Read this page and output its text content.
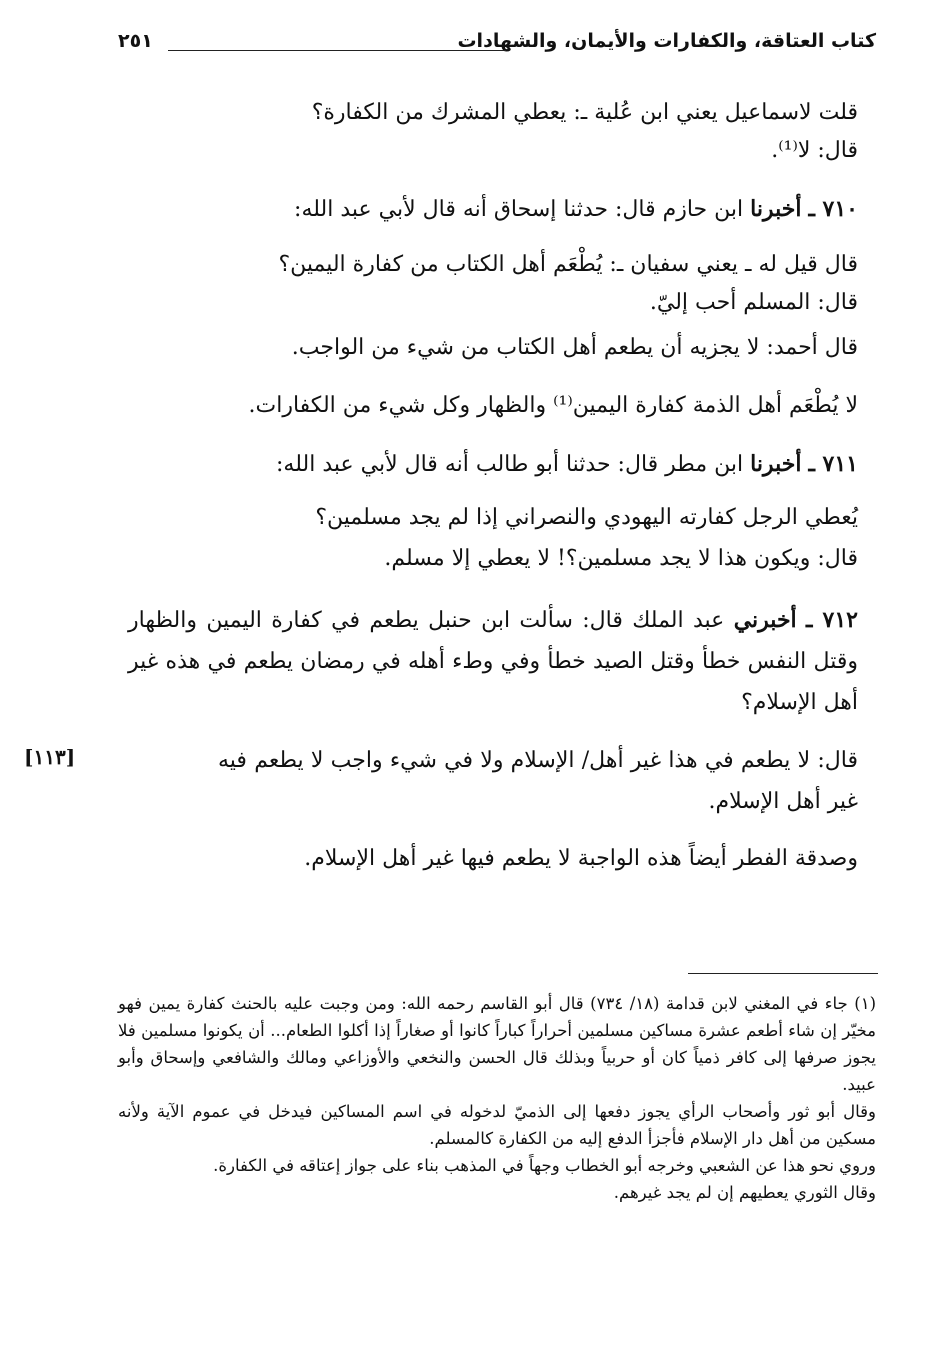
كتاب العتاقة، والكفارات والأيمان، والشهادات
٢٥١
قلت لاسماعيل يعني ابن عُلية ـ: يعطي المشرك من الكفارة؟
قال: لا⁽¹⁾.
٧١٠ ـ أخبرنا ابن حازم قال: حدثنا إسحاق أنه قال لأبي عبد الله:
قال قيل له ـ يعني سفيان ـ: يُطْعَم أهل الكتاب من كفارة اليمين؟
قال: المسلم أحب إليّ.
قال أحمد: لا يجزيه أن يطعم أهل الكتاب من شيء من الواجب.
لا يُطْعَم أهل الذمة كفارة اليمين⁽¹⁾ والظهار وكل شيء من الكفارات.
٧١١ ـ أخبرنا ابن مطر قال: حدثنا أبو طالب أنه قال لأبي عبد الله:
يُعطي الرجل كفارته اليهودي والنصراني إذا لم يجد مسلمين؟
قال: ويكون هذا لا يجد مسلمين؟! لا يعطي إلا مسلم.
٧١٢ ـ أخبرني عبد الملك قال: سألت ابن حنبل يطعم في كفارة اليمين والظهار وقتل النفس خطأ وقتل الصيد خطأ وفي وطء أهله في رمضان يطعم في هذه غير أهل الإسلام؟
قال: لا يطعم في هذا غير أهل/ الإسلام ولا في شيء واجب لا يطعم فيه غير أهل الإسلام.
[١١٣]
وصدقة الفطر أيضاً هذه الواجبة لا يطعم فيها غير أهل الإسلام.

(١) جاء في المغني لابن قدامة (١٨/ ٧٣٤) قال أبو القاسم رحمه الله: ومن وجبت عليه بالحنث كفارة يمين فهو مخيّر إن شاء أطعم عشرة مساكين مسلمين أحراراً كباراً كانوا أو صغاراً إذا أكلوا الطعام... أن يكونوا مسلمين فلا يجوز صرفها إلى كافر ذمياً كان أو حربياً وبذلك قال الحسن والنخعي والأوزاعي ومالك والشافعي وإسحاق وأبو عبيد.

وقال أبو ثور وأصحاب الرأي يجوز دفعها إلى الذميّ لدخوله في اسم المساكين فيدخل في عموم الآية ولأنه مسكين من أهل دار الإسلام فأجزأ الدفع إليه من الكفارة كالمسلم.

وروي نحو هذا عن الشعبي وخرجه أبو الخطاب وجهاً في المذهب بناء على جواز إعتاقه في الكفارة.

وقال الثوري يعطيهم إن لم يجد غيرهم.
